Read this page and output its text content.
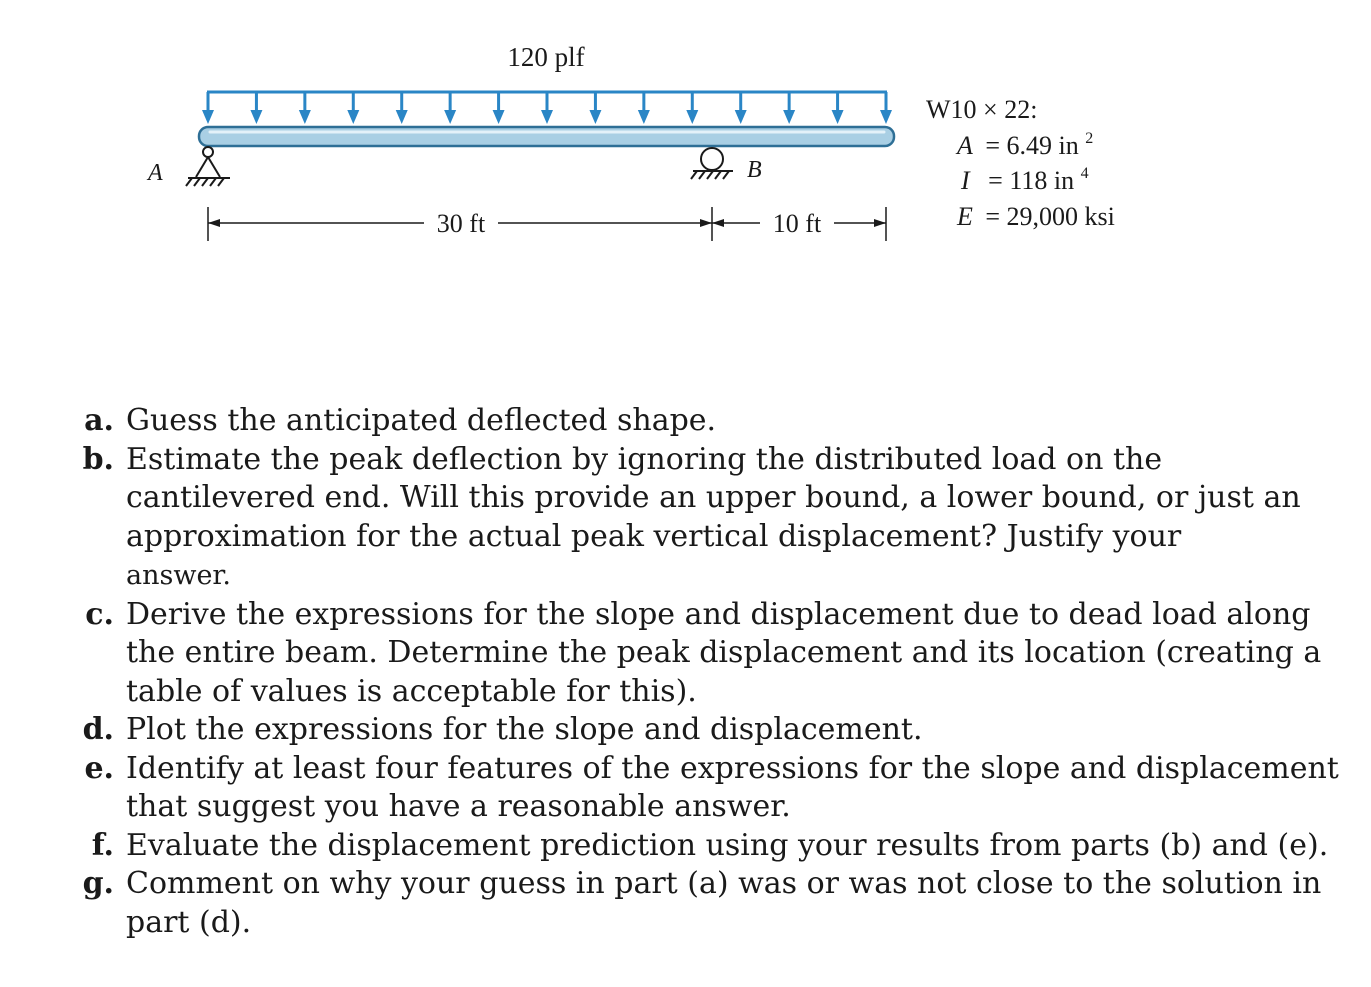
120 plf
A	B
30 ft	10 ft
W10 × 22:
A = 6.49 in $^2$
I = 118 in $^4$
E = 29,000 ksi
a. Guess the anticipated deflected shape.
b. Estimate the peak deflection by ignoring the distributed load on the cantilevered end. Will this provide an upper bound, a lower bound, or just an approximation for the actual peak vertical displacement? Justify your
answer.
c. Derive the expressions for the slope and displacement due to dead load along the entire beam. Determine the peak displacement and its location (creating a table of values is acceptable for this).
d. Plot the expressions for the slope and displacement.
e. Identify at least four features of the expressions for the slope and displacement that suggest you have a reasonable answer.
f. Evaluate the displacement prediction using your results from parts (b) and (e).
g. Comment on why your guess in part (a) was or was not close to the solution in part (d).
